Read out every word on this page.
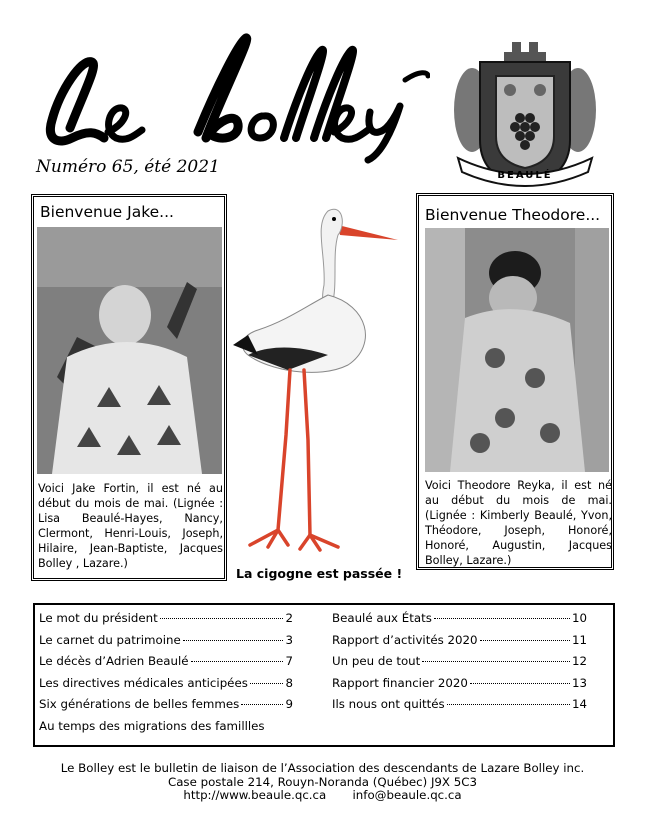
Numéro 65, été 2021	BEAULÉ
Bienvenue Jake...
Voici Jake Fortin, il est né au début du mois de mai. (Lignée : Lisa Beaulé-Hayes, Nancy, Clermont, Henri-Louis, Joseph, Hilaire, Jean-Baptiste, Jacques Bolley , Lazare.)
La cigogne est passée !
Bienvenue Theodore...
Voici Theodore Reyka, il est né au début du mois de mai. (Lignée : Kimberly Beaulé, Yvon, Théodore, Joseph, Honoré, Honoré, Augustin, Jacques Bolley, Lazare.)
Le mot du président	2
Le carnet du patrimoine	3
Le décès d’Adrien Beaulé	7
Les directives médicales anticipées	8
Six générations de belles femmes	9
Au temps des migrations des famillles
Beaulé aux États	10
Rapport d’activités 2020	11
Un peu de tout	12
Rapport financier 2020	13
Ils nous ont quittés	14
Le Bolley est le bulletin de liaison de l’Association des descendants de Lazare Bolley inc.
Case postale 214, Rouyn-Noranda (Québec) J9X 5C3
http://www.beaule.qc.ca info@beaule.qc.ca
